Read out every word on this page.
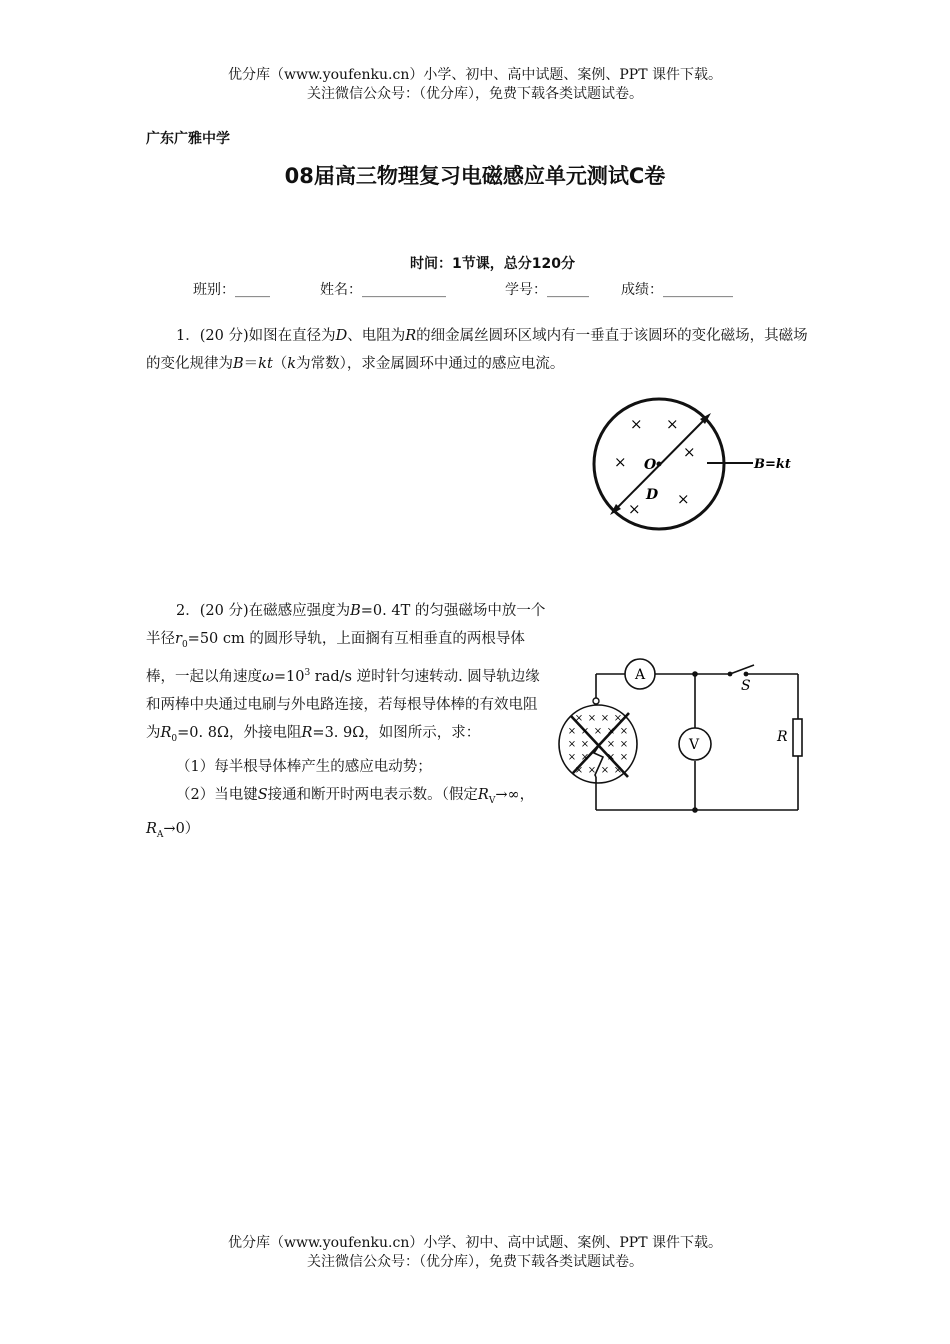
优分库（www.youfenku.cn）小学、初中、高中试题、案例、PPT 课件下载。
关注微信公众号：（优分库），免费下载各类试题试卷。
广东广雅中学
08届高三物理复习电磁感应单元测试C卷
时间：1节课，总分120分
班别：_____	姓名：____________	学号：______ 成绩：__________

1．(20 分)如图在直径为D、电阻为R的细金属丝圆环区域内有一垂直于该圆环的变化磁场，其磁场的变化规律为B＝kt（k为常数），求金属圆环中通过的感应电流。

O
D
B=kt
× ×
×
×
×
×

2．(20 分)在磁感应强度为B=0. 4T 的匀强磁场中放一个半径$r_0=50$ cm 的圆形导轨，上面搁有互相垂直的两根导体棒，一起以角速度$\omega=10^3$ rad/s 逆时针匀速转动. 圆导轨边缘和两棒中央通过电刷与外电路连接，若每根导体棒的有效电阻为$R_0=0$. 8Ω，外接电阻R=3. 9Ω，如图所示，求：

（1）每半根导体棒产生的感应电动势；

（2）当电键S接通和断开时两电表示数。（假定$R_V\to\infty$，$R_A\to 0$）

A
V
S
R
× × × ×
× × × × ×
× × × ×
× × × ×
× × × ×
优分库（www.youfenku.cn）小学、初中、高中试题、案例、PPT 课件下载。
关注微信公众号：（优分库），免费下载各类试题试卷。
